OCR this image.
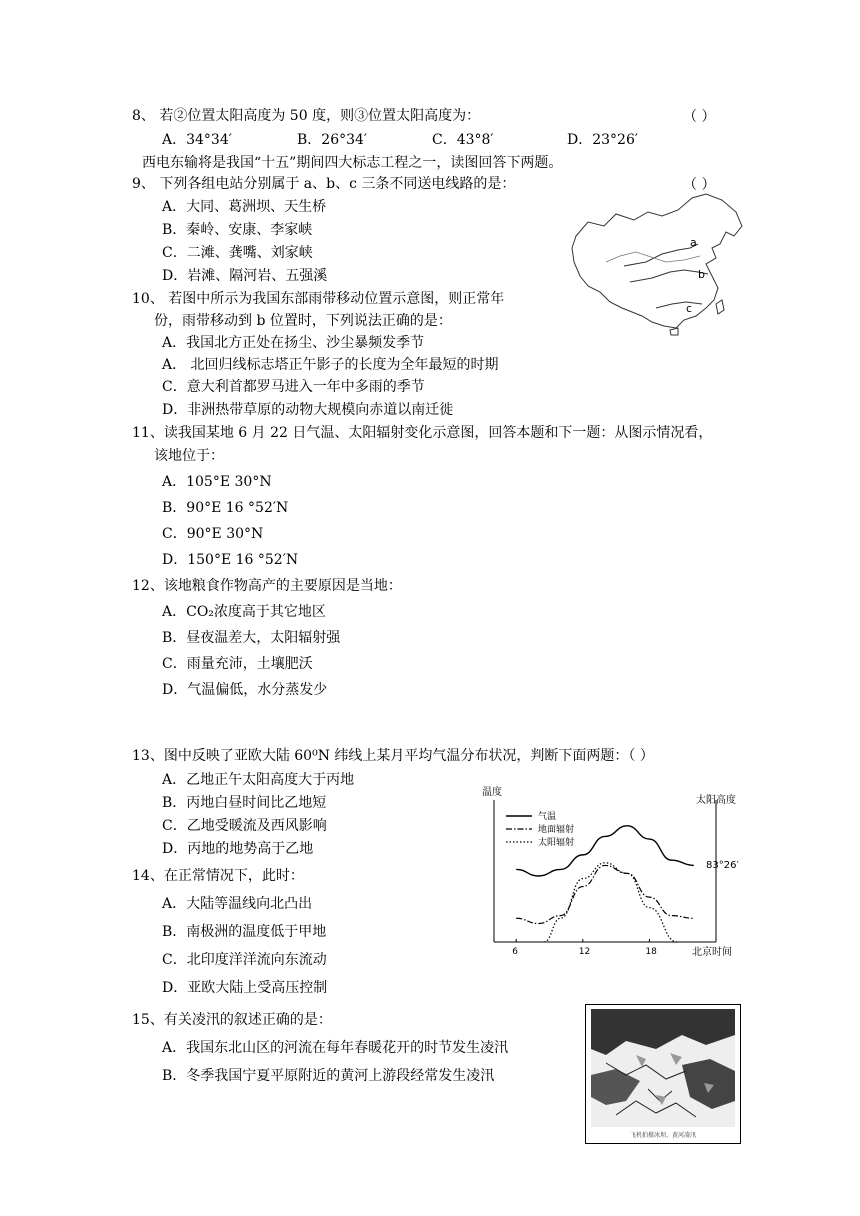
8、 若②位置太阳高度为 50 度，则③位置太阳高度为：	（ ）
A．34°34′	B．26°34′	C．43°8′	D．23°26′
西电东输将是我国“十五”期间四大标志工程之一，读图回答下两题。
9、 下列各组电站分别属于 a、b、c 三条不同送电线路的是：	（ ）
A．大同、葛洲坝、天生桥
B．秦岭、安康、李家峡
C．二滩、龚嘴、刘家峡
D．岩滩、隔河岩、五强溪
a
b
c
10、 若图中所示为我国东部雨带移动位置示意图，则正常年
份，雨带移动到 b 位置时，下列说法正确的是：
A．我国北方正处在扬尘、沙尘暴频发季节
A． 北回归线标志塔正午影子的长度为全年最短的时期
C．意大利首都罗马进入一年中多雨的季节
D．非洲热带草原的动物大规模向赤道以南迁徙
11、读我国某地 6 月 22 日气温、太阳辐射变化示意图，回答本题和下一题：从图示情况看，
该地位于：
A．105°E 30°N
B．90°E 16 °52′N
C．90°E 30°N
D．150°E 16 °52′N
12、该地粮食作物高产的主要原因是当地：
A．CO₂浓度高于其它地区
B．昼夜温差大，太阳辐射强
C．雨量充沛，土壤肥沃
D．气温偏低，水分蒸发少
13、图中反映了亚欧大陆 60⁰N 纬线上某月平均气温分布状况，判断下面两题：（ ）
A．乙地正午太阳高度大于丙地
B．丙地白昼时间比乙地短
C．乙地受暖流及西风影响
D．丙地的地势高于乙地
14、在正常情况下，此时：
A．大陆等温线向北凸出
B．南极洲的温度低于甲地
C．北印度洋洋流向东流动
D．亚欧大陆上受高压控制
15、有关凌汛的叙述正确的是：
A．我国东北山区的河流在每年春暖花开的时节发生凌汛
B．冬季我国宁夏平原附近的黄河上游段经常发生凌汛
温度
太阳高度
北京时间
83°26′
气温
地面辐射
太阳辐射
6	12	18
飞机拍摄冰坝、黄河凌汛
